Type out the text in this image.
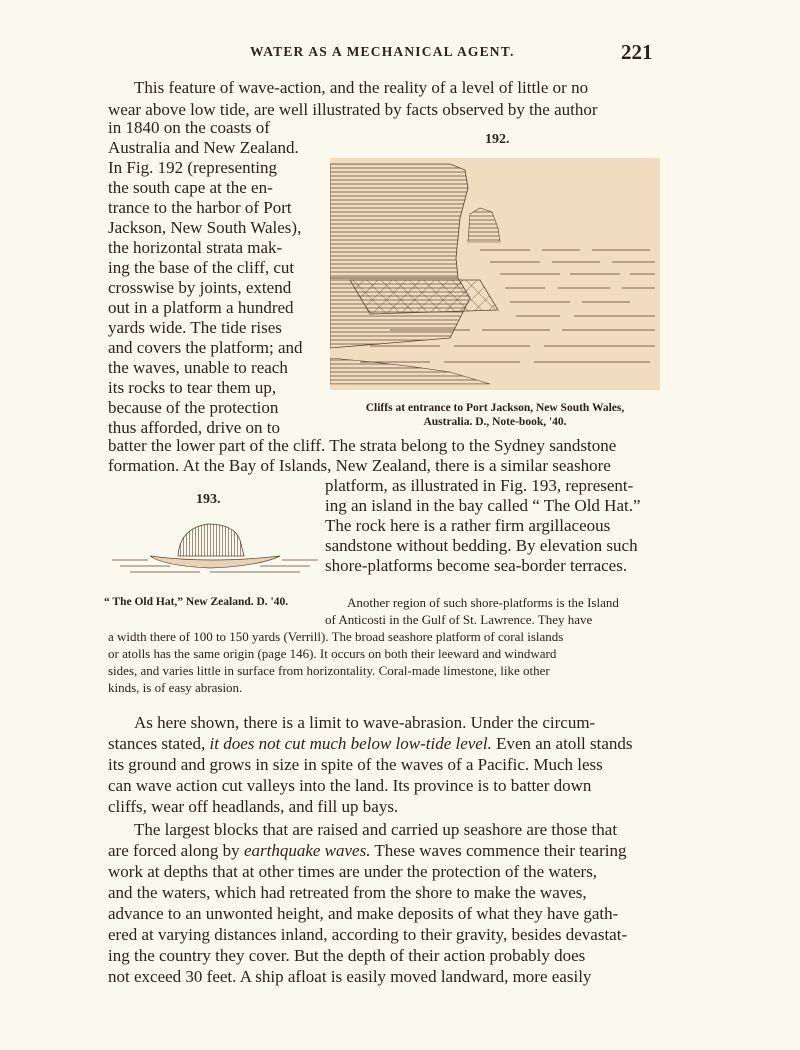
WATER AS A MECHANICAL AGENT.	221
This feature of wave-action, and the reality of a level of little or no
wear above low tide, are well illustrated by facts observed by the author
in 1840 on the coasts of
Australia and New Zealand.
In Fig. 192 (representing
the south cape at the en-
trance to the harbor of Port
Jackson, New South Wales),
the horizontal strata mak-
ing the base of the cliff, cut
crosswise by joints, extend
out in a platform a hundred
yards wide. The tide rises
and covers the platform; and
the waves, unable to reach
its rocks to tear them up,
because of the protection
thus afforded, drive on to
batter the lower part of the cliff. The strata belong to the Sydney sandstone
formation. At the Bay of Islands, New Zealand, there is a similar seashore
platform, as illustrated in Fig. 193, represent-
ing an island in the bay called “ The Old Hat.”
The rock here is a rather firm argillaceous
sandstone without bedding. By elevation such
shore-platforms become sea-border terraces.
192.
Cliffs at entrance to Port Jackson, New South Wales,
Australia. D., Note-book, '40.
193.
“ The Old Hat,” New Zealand. D. '40.	Another region of such shore-platforms is the Island
of Anticosti in the Gulf of St. Lawrence. They have
a width there of 100 to 150 yards (Verrill). The broad seashore platform of coral islands
or atolls has the same origin (page 146). It occurs on both their leeward and windward
sides, and varies little in surface from horizontality. Coral-made limestone, like other
kinds, is of easy abrasion.
As here shown, there is a limit to wave-abrasion. Under the circum-
stances stated, it does not cut much below low-tide level. Even an atoll stands
its ground and grows in size in spite of the waves of a Pacific. Much less
can wave action cut valleys into the land. Its province is to batter down
cliffs, wear off headlands, and fill up bays.
The largest blocks that are raised and carried up seashore are those that
are forced along by earthquake waves. These waves commence their tearing
work at depths that at other times are under the protection of the waters,
and the waters, which had retreated from the shore to make the waves,
advance to an unwonted height, and make deposits of what they have gath-
ered at varying distances inland, according to their gravity, besides devastat-
ing the country they cover. But the depth of their action probably does
not exceed 30 feet. A ship afloat is easily moved landward, more easily
